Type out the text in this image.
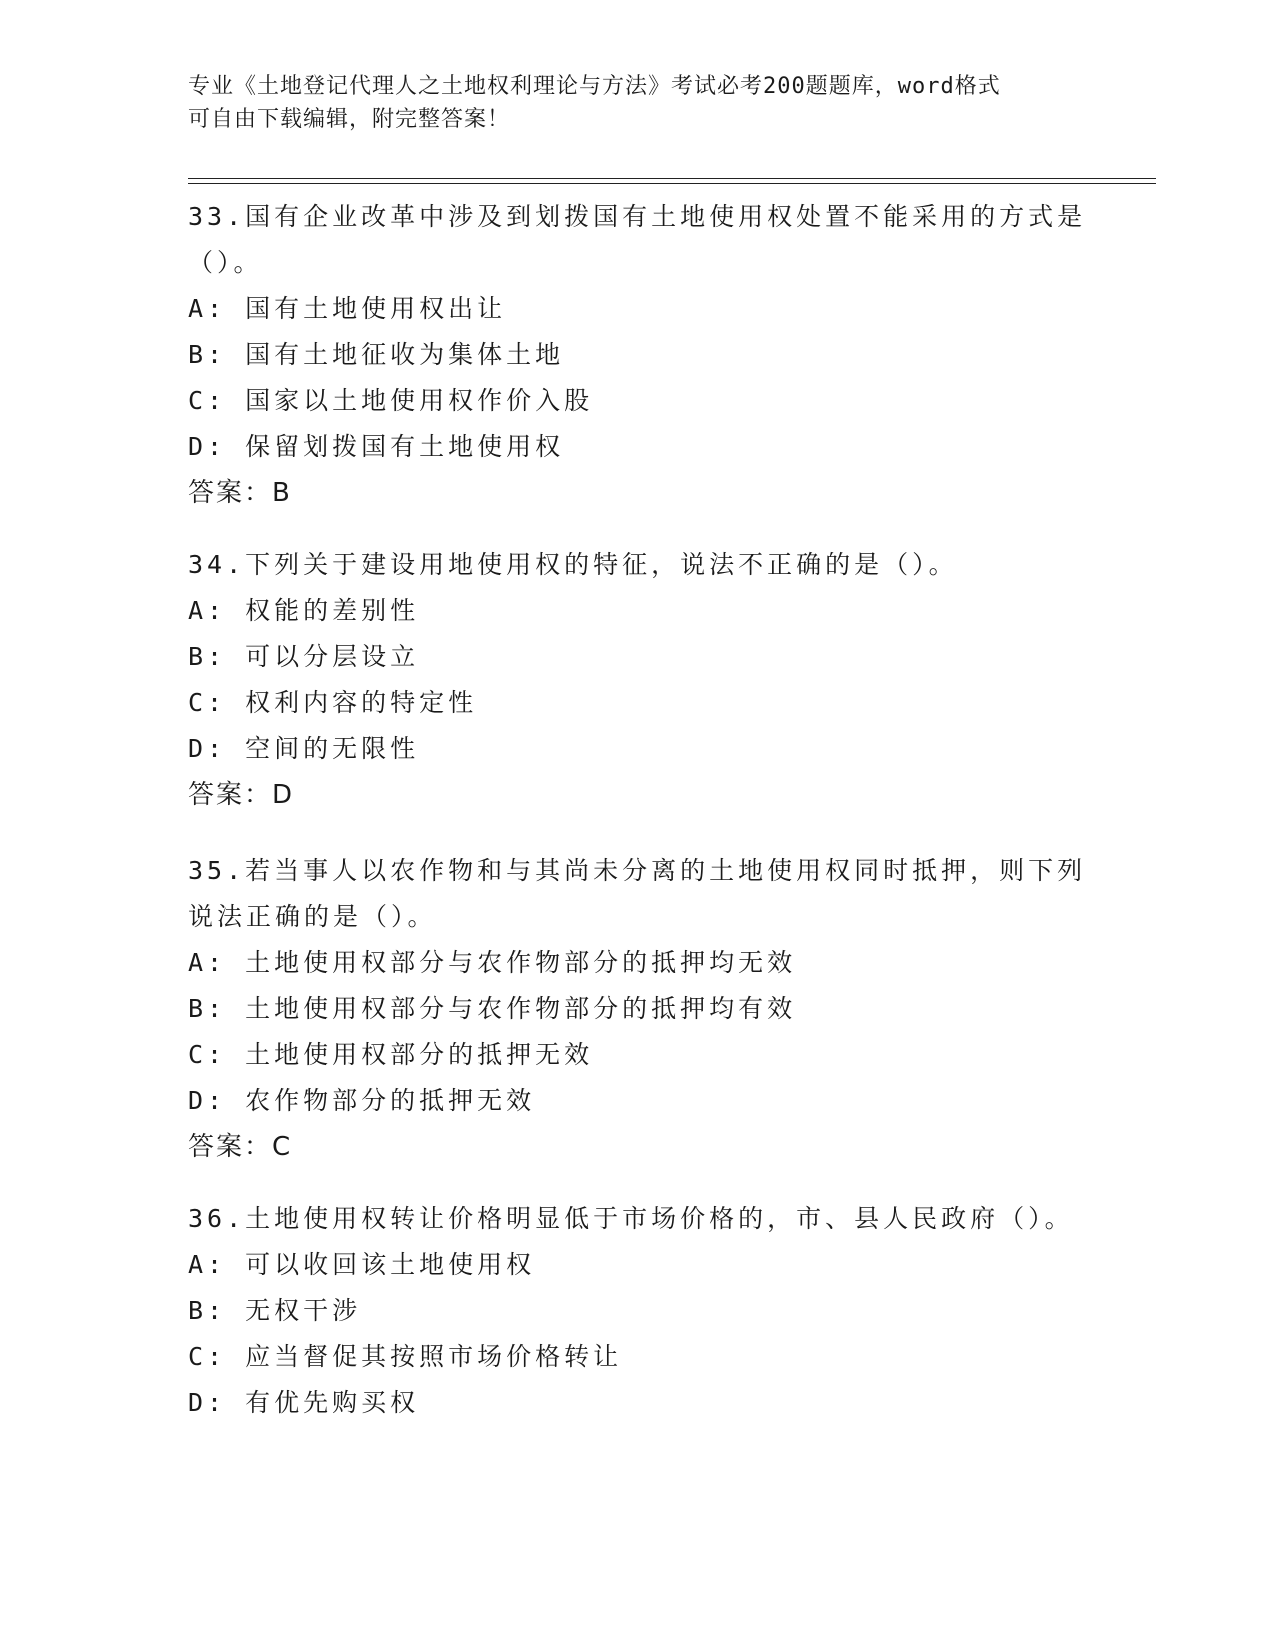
专业《土地登记代理人之土地权利理论与方法》考试必考200题题库，word格式
可自由下载编辑，附完整答案！
33.国有企业改革中涉及到划拨国有土地使用权处置不能采用的方式是（）。
A: 国有土地使用权出让
B: 国有土地征收为集体土地
C: 国家以土地使用权作价入股
D: 保留划拨国有土地使用权
答案：B
34.下列关于建设用地使用权的特征，说法不正确的是（）。
A: 权能的差别性
B: 可以分层设立
C: 权利内容的特定性
D: 空间的无限性
答案：D
35.若当事人以农作物和与其尚未分离的土地使用权同时抵押，则下列说法正确的是（）。
A: 土地使用权部分与农作物部分的抵押均无效
B: 土地使用权部分与农作物部分的抵押均有效
C: 土地使用权部分的抵押无效
D: 农作物部分的抵押无效
答案：C
36.土地使用权转让价格明显低于市场价格的，市、县人民政府（）。
A: 可以收回该土地使用权
B: 无权干涉
C: 应当督促其按照市场价格转让
D: 有优先购买权
